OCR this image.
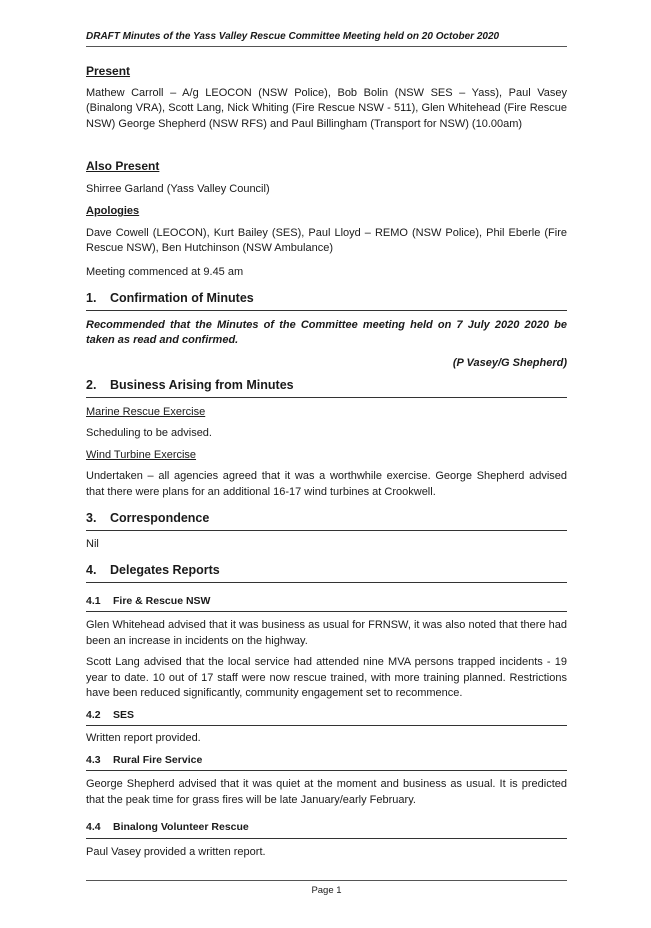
DRAFT Minutes of the Yass Valley Rescue Committee Meeting held on 20 October 2020
Present

Mathew Carroll – A/g LEOCON (NSW Police), Bob Bolin (NSW SES – Yass), Paul Vasey (Binalong VRA), Scott Lang, Nick Whiting (Fire Rescue NSW - 511), Glen Whitehead (Fire Rescue NSW) George Shepherd (NSW RFS) and Paul Billingham (Transport for NSW) (10.00am)

Also Present

Shirree Garland (Yass Valley Council)

Apologies

Dave Cowell (LEOCON), Kurt Bailey (SES), Paul Lloyd – REMO (NSW Police), Phil Eberle (Fire Rescue NSW), Ben Hutchinson (NSW Ambulance)

Meeting commenced at 9.45 am

1.	Confirmation of Minutes

Recommended that the Minutes of the Committee meeting held on 7 July 2020 2020 be taken as read and confirmed.

(P Vasey/G Shepherd)

2.	Business Arising from Minutes

Marine Rescue Exercise

Scheduling to be advised.

Wind Turbine Exercise

Undertaken – all agencies agreed that it was a worthwhile exercise. George Shepherd advised that there were plans for an additional 16-17 wind turbines at Crookwell.

3.	Correspondence

Nil

4.	Delegates Reports
4.1	Fire & Rescue NSW

Glen Whitehead advised that it was business as usual for FRNSW, it was also noted that there had been an increase in incidents on the highway.

Scott Lang advised that the local service had attended nine MVA persons trapped incidents - 19 year to date. 10 out of 17 staff were now rescue trained, with more training planned. Restrictions have been reduced significantly, community engagement set to recommence.

4.2	SES

Written report provided.

4.3	Rural Fire Service

George Shepherd advised that it was quiet at the moment and business as usual. It is predicted that the peak time for grass fires will be late January/early February.

4.4	Binalong Volunteer Rescue

Paul Vasey provided a written report.

Page 1
